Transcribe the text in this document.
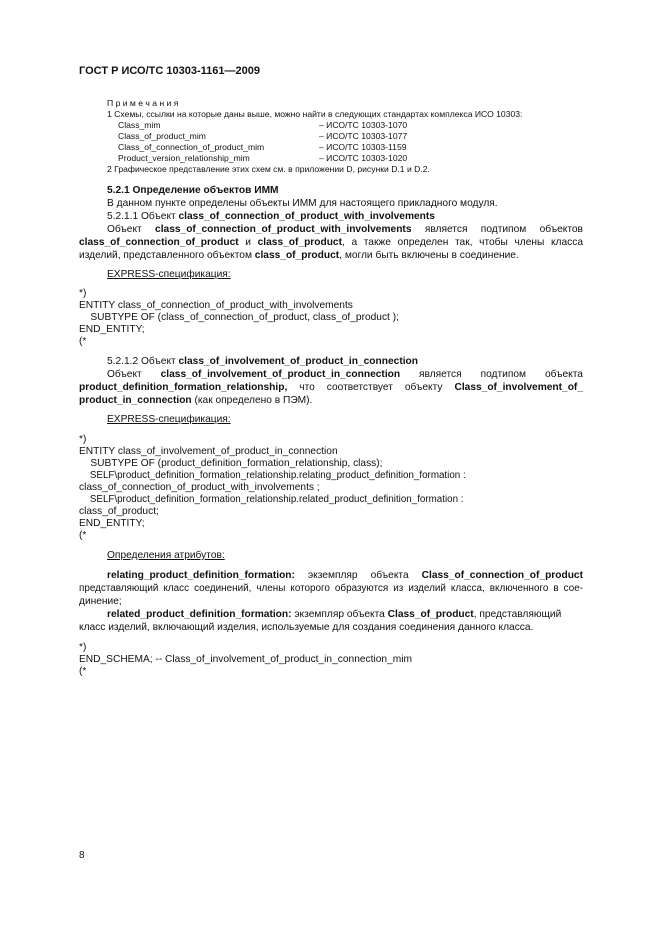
ГОСТ Р ИСО/ТС 10303-1161—2009
П р и м е ч а н и я
1 Схемы, ссылки на которые даны выше, можно найти в следующих стандартах комплекса ИСО 10303:
Class_mim	– ИСО/ТС 10303-1070
Class_of_product_mim	– ИСО/ТС 10303-1077
Class_of_connection_of_product_mim	– ИСО/ТС 10303-1159
Product_version_relationship_mim	– ИСО/ТС 10303-1020
2 Графическое представление этих схем см. в приложении D, рисунки D.1 и D.2.
5.2.1 Определение объектов ИММ
В данном пункте определены объекты ИММ для настоящего прикладного модуля.
5.2.1.1 Объект class_of_connection_of_product_with_involvements
Объект class_of_connection_of_product_with_involvements является подтипом объектов
class_of_connection_of_product и class_of_product, а также определен так, чтобы члены класса
изделий, представленного объектом class_of_product, могли быть включены в соединение.
EXPRESS-спецификация:
*)
ENTITY class_of_connection_of_product_with_involvements
SUBTYPE OF (class_of_connection_of_product, class_of_product );
END_ENTITY;
(*
5.2.1.2 Объект class_of_involvement_of_product_in_connection
Объект class_of_involvement_of_product_in_connection является подтипом объекта
product_definition_formation_relationship, что соответствует объекту Class_of_involvement_of_
product_in_connection (как определено в ПЭМ).
EXPRESS-спецификация:
*)
ENTITY class_of_involvement_of_product_in_connection
SUBTYPE OF (product_definition_formation_relationship, class);
SELF\product_definition_formation_relationship.relating_product_definition_formation :
class_of_connection_of_product_with_involvements ;
SELF\product_definition_formation_relationship.related_product_definition_formation :
class_of_product;
END_ENTITY;
(*
Определения атрибутов:
relating_product_definition_formation: экземпляр объекта Class_of_connection_of_product
представляющий класс соединений, члены которого образуются из изделий класса, включенного в сое-
динение;
related_product_definition_formation: экземпляр объекта Class_of_product, представляющий
класс изделий, включающий изделия, используемые для создания соединения данного класса.
*)
END_SCHEMA; -- Class_of_involvement_of_product_in_connection_mim
(*
8
